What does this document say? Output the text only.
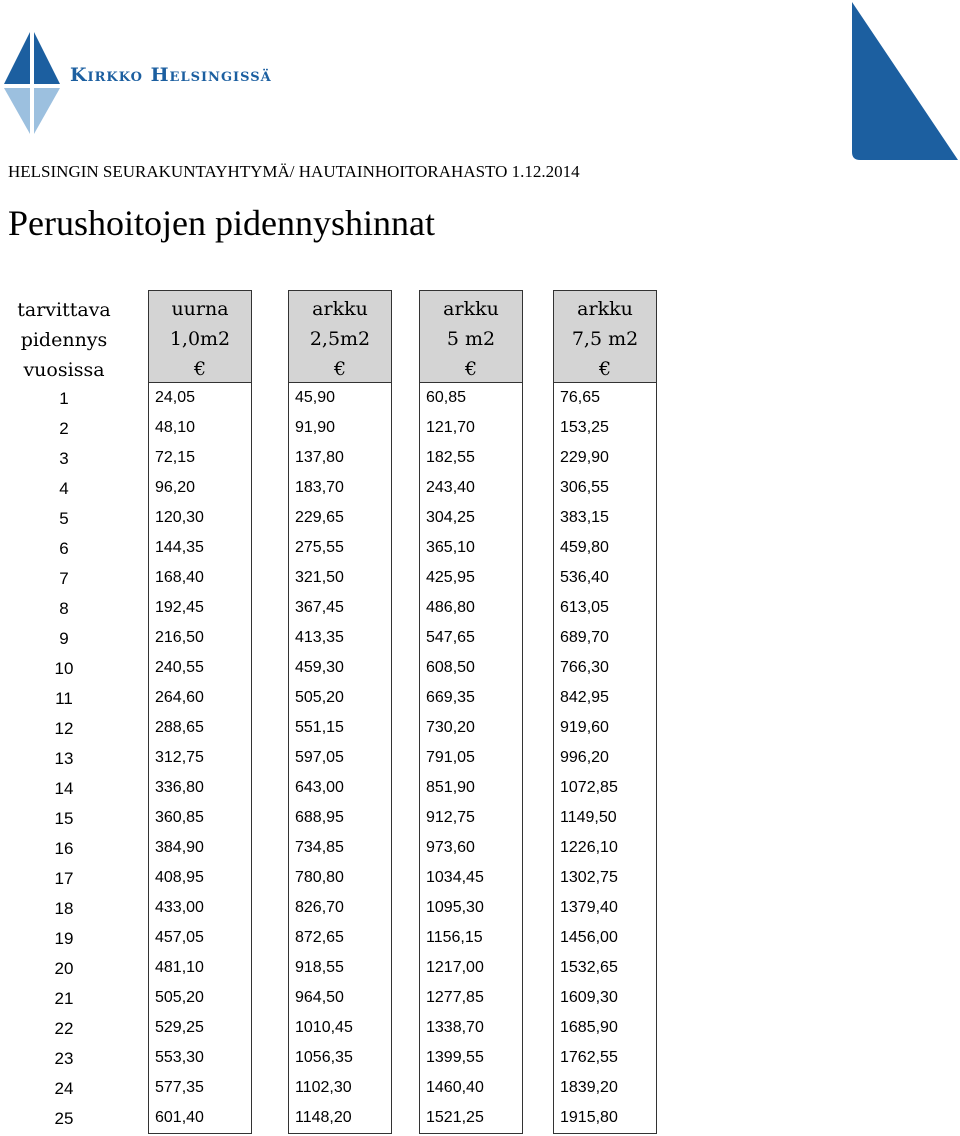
Kirkko Helsingissä
HELSINGIN SEURAKUNTAYHTYMÄ/ HAUTAINHOITORAHASTO 1.12.2014
Perushoitojen pidennyshinnat
tarvittava
pidennys
vuosissa
1
2
3
4
5
6
7
8
9
10
11
12
13
14
15
16
17
18
19
20
21
22
23
24
25
uurna
1,0m2
€
24,05
48,10
72,15
96,20
120,30
144,35
168,40
192,45
216,50
240,55
264,60
288,65
312,75
336,80
360,85
384,90
408,95
433,00
457,05
481,10
505,20
529,25
553,30
577,35
601,40
arkku
2,5m2
€
45,90
91,90
137,80
183,70
229,65
275,55
321,50
367,45
413,35
459,30
505,20
551,15
597,05
643,00
688,95
734,85
780,80
826,70
872,65
918,55
964,50
1010,45
1056,35
1102,30
1148,20
arkku
5 m2
€
60,85
121,70
182,55
243,40
304,25
365,10
425,95
486,80
547,65
608,50
669,35
730,20
791,05
851,90
912,75
973,60
1034,45
1095,30
1156,15
1217,00
1277,85
1338,70
1399,55
1460,40
1521,25
arkku
7,5 m2
€
76,65
153,25
229,90
306,55
383,15
459,80
536,40
613,05
689,70
766,30
842,95
919,60
996,20
1072,85
1149,50
1226,10
1302,75
1379,40
1456,00
1532,65
1609,30
1685,90
1762,55
1839,20
1915,80
